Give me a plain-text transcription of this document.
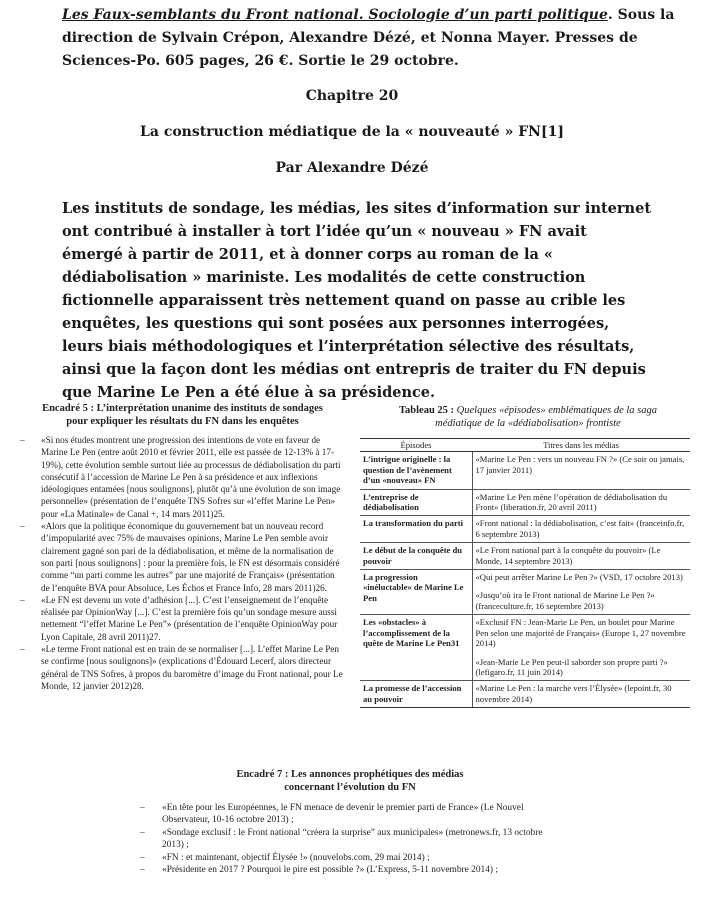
Les Faux-semblants du Front national. Sociologie d’un parti politique. Sous la direction de Sylvain Crépon, Alexandre Dézé, et Nonna Mayer. Presses de Sciences-Po. 605 pages, 26 €. Sortie le 29 octobre.

Chapitre 20

La construction médiatique de la « nouveauté » FN[1]

Par Alexandre Dézé

Les instituts de sondage, les médias, les sites d’information sur internet ont contribué à installer à tort l’idée qu’un « nouveau » FN avait émergé à partir de 2011, et à donner corps au roman de la « dédiabolisation » mariniste. Les modalités de cette construction fictionnelle apparaissent très nettement quand on passe au crible les enquêtes, les questions qui sont posées aux personnes interrogées, leurs biais méthodologiques et l’interprétation sélective des résultats, ainsi que la façon dont les médias ont entrepris de traiter du FN depuis que Marine Le Pen a été élue à sa présidence.

Encadré 5 : L’interprétation unanime des instituts de sondages
pour expliquer les résultats du FN dans les enquêtes

– «Si nos études montrent une progression des intentions de vote en faveur de Marine Le Pen (entre août 2010 et février 2011, elle est passée de 12-13% à 17-19%), cette évolution semble surtout liée au processus de dédiabolisation du parti consécutif à l’accession de Marine Le Pen à sa présidence et aux inflexions idéologiques entamées [nous soulignons], plutôt qu’à une évolution de son image personnelle» (présentation de l’enquête TNS Sofres sur «l’effet Marine Le Pen» pour «La Matinale» de Canal +, 14 mars 2011)25.
– «Alors que la politique économique du gouvernement bat un nouveau record d’impopularité avec 75% de mauvaises opinions, Marine Le Pen semble avoir clairement gagné son pari de la dédiabolisation, et même de la normalisation de son parti [nous soulignons] : pour la première fois, le FN est désormais considéré comme “un parti comme les autres” par une majorité de Français» (présentation de l’enquête BVA pour Absoluce, Les Échos et France Info, 28 mars 2011)26.
– «Le FN est devenu un vote d’adhésion [...]. C’est l’enseignement de l’enquête réalisée par OpinionWay [...]. C’est la première fois qu’un sondage mesure aussi nettement “l’effet Marine Le Pen”» (présentation de l’enquête OpinionWay pour Lyon Capitale, 28 avril 2011)27.
– «Le terme Front national est en train de se normaliser [...]. L’effet Marine Le Pen se confirme [nous soulignons]» (explications d’Édouard Lecerf, alors directeur général de TNS Sofres, à propos du baromètre d’image du Front national, pour Le Monde, 12 janvier 2012)28.

Tableau 25 : Quelques «épisodes» emblématiques de la saga
médiatique de la «dédiabolisation» frontiste

Épisodes	Titres dans les médias
L’intrigue originelle : la question de l’avènement d’un «nouveau» FN	«Marine Le Pen : vers un nouveau FN ?» (Ce soir ou jamais, 17 janvier 2011)
L’entreprise de dédiabolisation	«Marine Le Pen mène l’opération de dédiabolisation du Front» (liberation.fr, 20 avril 2011)
La transformation du parti	«Front national : la dédiabolisation, c’est fait» (franceinfo.fr, 6 septembre 2013)
Le début de la conquête du pouvoir	«Le Front national part à la conquête du pouvoir» (Le Monde, 14 septembre 2013)
La progression «inéluctable» de Marine Le Pen	«Qui peut arrêter Marine Le Pen ?» (VSD, 17 octobre 2013)
«Jusqu’où ira le Front national de Marine Le Pen ?» (franceculture.fr, 16 septembre 2013)

Les «obstacles» à l’accomplissement de la quête de Marine Le Pen31	«Exclusif FN : Jean-Marie Le Pen, un boulet pour Marine Pen selon une majorité de Français» (Europe 1, 27 novembre 2014)
«Jean-Marie Le Pen peut-il saborder son propre parti ?» (lefigaro.fr, 11 juin 2014)

La promesse de l’accession au pouvoir	«Marine Le Pen : la marche vers l’Élysée» (lepoint.fr, 30 novembre 2014)

Encadré 7 : Les annonces prophétiques des médias
concernant l’évolution du FN

– «En tête pour les Européennes, le FN menace de devenir le premier parti de France» (Le Nouvel Observateur, 10-16 octobre 2013) ;
– «Sondage exclusif : le Front national “créera la surprise” aux municipales» (metronews.fr, 13 octobre 2013) ;
– «FN : et maintenant, objectif Élysée !» (nouvelobs.com, 29 mai 2014) ;
– «Présidente en 2017 ? Pourquoi le pire est possible ?» (L’Express, 5-11 novembre 2014) ;
